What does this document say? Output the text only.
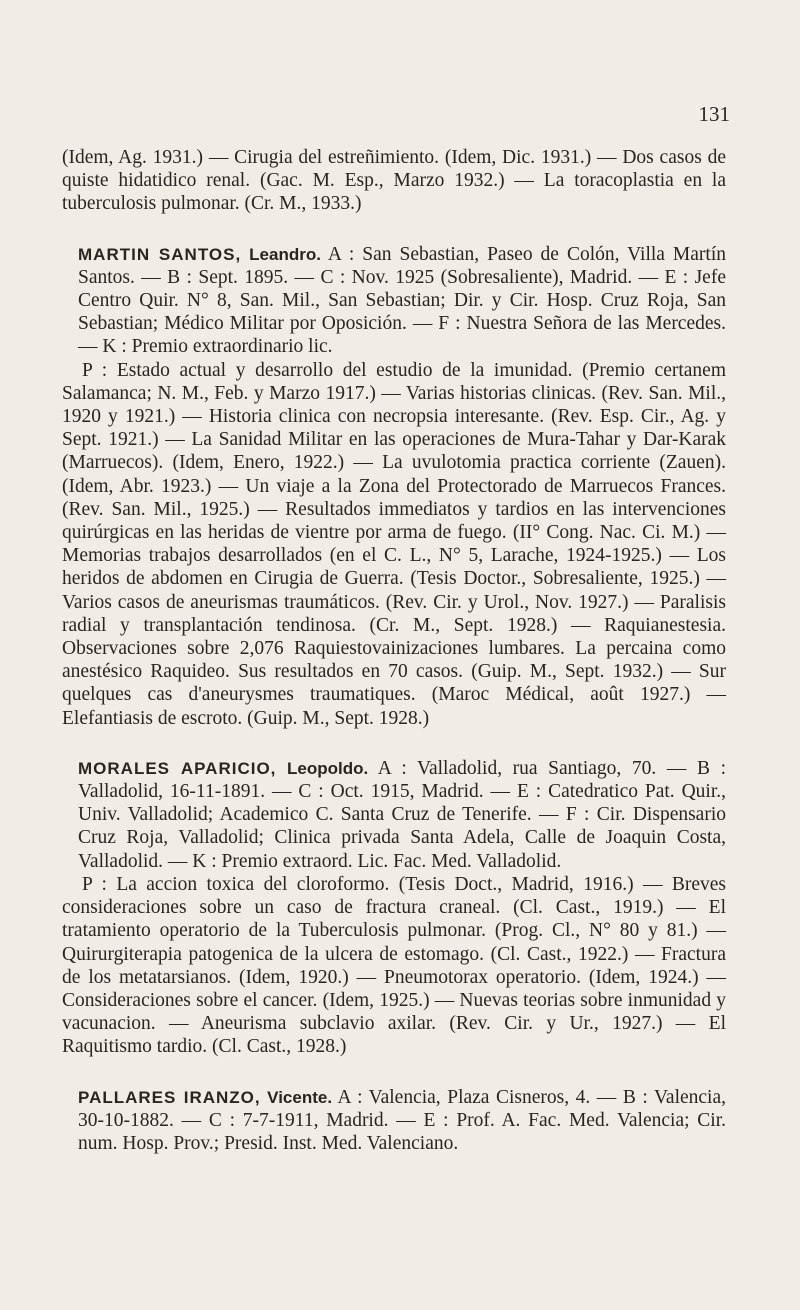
131

(Idem, Ag. 1931.) — Cirugia del estreñimiento. (Idem, Dic. 1931.) — Dos casos de quiste hidatidico renal. (Gac. M. Esp., Marzo 1932.) — La toracoplastia en la tuberculosis pulmonar. (Cr. M., 1933.)

MARTIN SANTOS, Leandro. A : San Sebastian, Paseo de Colón, Villa Martín Santos. — B : Sept. 1895. — C : Nov. 1925 (Sobresaliente), Madrid. — E : Jefe Centro Quir. N° 8, San. Mil., San Sebastian; Dir. y Cir. Hosp. Cruz Roja, San Sebastian; Médico Militar por Oposición. — F : Nuestra Señora de las Mercedes. — K : Premio extraordinario lic.

P : Estado actual y desarrollo del estudio de la imunidad. (Premio certanem Salamanca; N. M., Feb. y Marzo 1917.) — Varias historias clinicas. (Rev. San. Mil., 1920 y 1921.) — Historia clinica con necropsia interesante. (Rev. Esp. Cir., Ag. y Sept. 1921.) — La Sanidad Militar en las operaciones de Mura-Tahar y Dar-Karak (Marruecos). (Idem, Enero, 1922.) — La uvulotomia practica corriente (Zauen). (Idem, Abr. 1923.) — Un viaje a la Zona del Protectorado de Marruecos Frances. (Rev. San. Mil., 1925.) — Resultados immediatos y tardios en las intervenciones quirúrgicas en las heridas de vientre por arma de fuego. (II° Cong. Nac. Ci. M.) — Memorias trabajos desarrollados (en el C. L., N° 5, Larache, 1924-1925.) — Los heridos de abdomen en Cirugia de Guerra. (Tesis Doctor., Sobresaliente, 1925.) — Varios casos de aneurismas traumáticos. (Rev. Cir. y Urol., Nov. 1927.) — Paralisis radial y transplantación tendinosa. (Cr. M., Sept. 1928.) — Raquianestesia. Observaciones sobre 2,076 Raquiestovainizaciones lumbares. La percaina como anestésico Raquideo. Sus resultados en 70 casos. (Guip. M., Sept. 1932.) — Sur quelques cas d'aneurysmes traumatiques. (Maroc Médical, août 1927.) — Elefantiasis de escroto. (Guip. M., Sept. 1928.)

MORALES APARICIO, Leopoldo. A : Valladolid, rua Santiago, 70. — B : Valladolid, 16-11-1891. — C : Oct. 1915, Madrid. — E : Catedratico Pat. Quir., Univ. Valladolid; Academico C. Santa Cruz de Tenerife. — F : Cir. Dispensario Cruz Roja, Valladolid; Clinica privada Santa Adela, Calle de Joaquin Costa, Valladolid. — K : Premio extraord. Lic. Fac. Med. Valladolid.

P : La accion toxica del cloroformo. (Tesis Doct., Madrid, 1916.) — Breves consideraciones sobre un caso de fractura craneal. (Cl. Cast., 1919.) — El tratamiento operatorio de la Tuberculosis pulmonar. (Prog. Cl., N° 80 y 81.) — Quirurgiterapia patogenica de la ulcera de estomago. (Cl. Cast., 1922.) — Fractura de los metatarsianos. (Idem, 1920.) — Pneumotorax operatorio. (Idem, 1924.) — Consideraciones sobre el cancer. (Idem, 1925.) — Nuevas teorias sobre inmunidad y vacunacion. — Aneurisma subclavio axilar. (Rev. Cir. y Ur., 1927.) — El Raquitismo tardio. (Cl. Cast., 1928.)

PALLARES IRANZO, Vicente. A : Valencia, Plaza Cisneros, 4. — B : Valencia, 30-10-1882. — C : 7-7-1911, Madrid. — E : Prof. A. Fac. Med. Valencia; Cir. num. Hosp. Prov.; Presid. Inst. Med. Valenciano.
